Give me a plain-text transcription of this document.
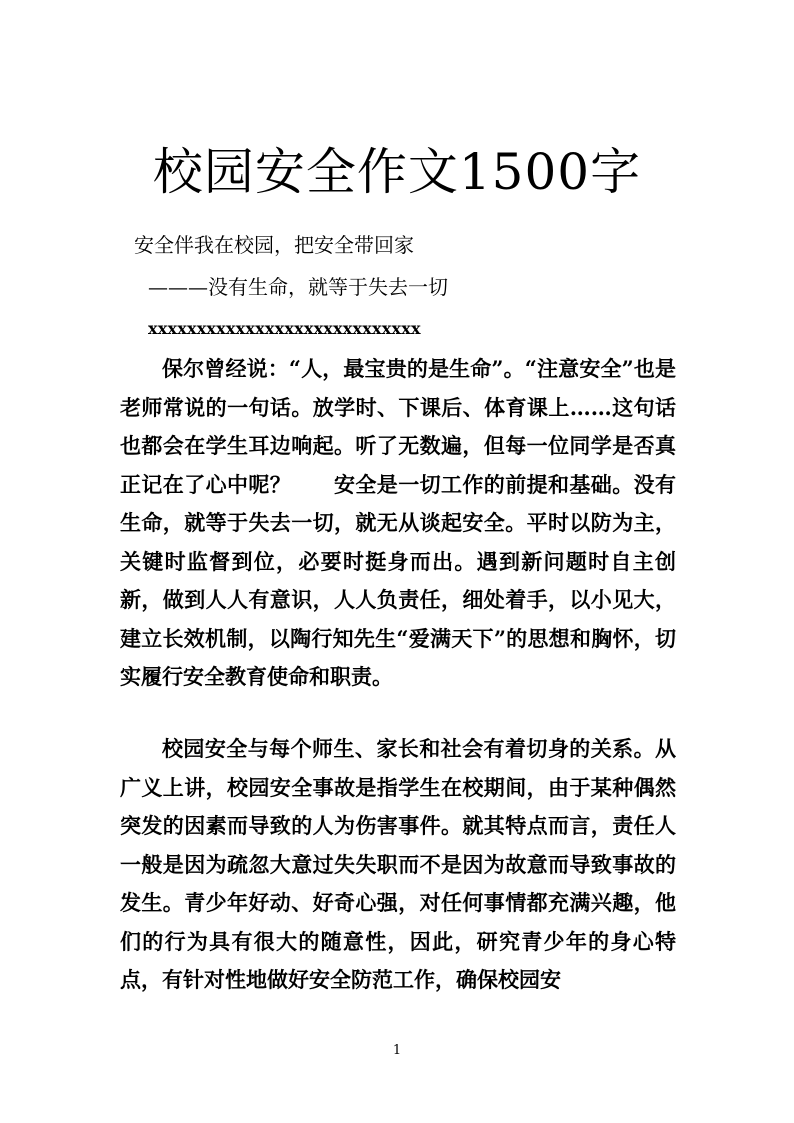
校园安全作文1500字

安全伴我在校园，把安全带回家

———没有生命，就等于失去一切

xxxxxxxxxxxxxxxxxxxxxxxxxxxx

保尔曾经说：“人，最宝贵的是生命”。“注意安全”也是老师常说的一句话。放学时、下课后、体育课上……这句话也都会在学生耳边响起。听了无数遍，但每一位同学是否真正记在了心中呢？　　安全是一切工作的前提和基础。没有生命，就等于失去一切，就无从谈起安全。平时以防为主，关键时监督到位，必要时挺身而出。遇到新问题时自主创新，做到人人有意识，人人负责任，细处着手，以小见大，建立长效机制，以陶行知先生“爱满天下”的思想和胸怀，切实履行安全教育使命和职责。

校园安全与每个师生、家长和社会有着切身的关系。从广义上讲，校园安全事故是指学生在校期间，由于某种偶然突发的因素而导致的人为伤害事件。就其特点而言，责任人一般是因为疏忽大意过失失职而不是因为故意而导致事故的发生。青少年好动、好奇心强，对任何事情都充满兴趣，他们的行为具有很大的随意性，因此，研究青少年的身心特点，有针对性地做好安全防范工作，确保校园安

1
